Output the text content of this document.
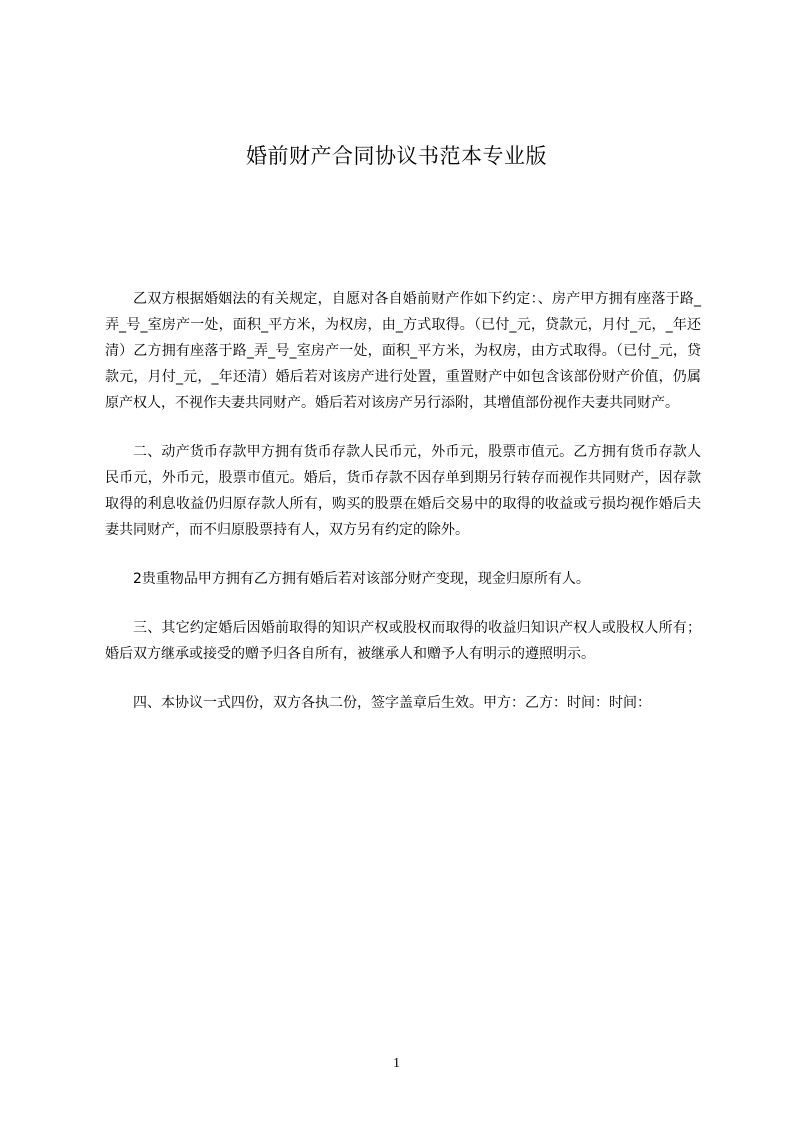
婚前财产合同协议书范本专业版

乙双方根据婚姻法的有关规定，自愿对各自婚前财产作如下约定：、房产甲方拥有座落于路_弄_号_室房产一处，面积_平方米，为权房，由_方式取得。（已付_元，贷款元，月付_元，_年还清）乙方拥有座落于路_弄_号_室房产一处，面积_平方米，为权房，由方式取得。（已付_元，贷款元，月付_元，_年还清）婚后若对该房产进行处置，重置财产中如包含该部份财产价值，仍属原产权人，不视作夫妻共同财产。婚后若对该房产另行添附，其增值部份视作夫妻共同财产。

二、动产货币存款甲方拥有货币存款人民币元，外币元，股票市值元。乙方拥有货币存款人民币元，外币元，股票市值元。婚后，货币存款不因存单到期另行转存而视作共同财产，因存款取得的利息收益仍归原存款人所有，购买的股票在婚后交易中的取得的收益或亏损均视作婚后夫妻共同财产，而不归原股票持有人，双方另有约定的除外。

2贵重物品甲方拥有乙方拥有婚后若对该部分财产变现，现金归原所有人。

三、其它约定婚后因婚前取得的知识产权或股权而取得的收益归知识产权人或股权人所有；婚后双方继承或接受的赠予归各自所有，被继承人和赠予人有明示的遵照明示。

四、本协议一式四份，双方各执二份，签字盖章后生效。甲方：乙方：时间：时间：

1
